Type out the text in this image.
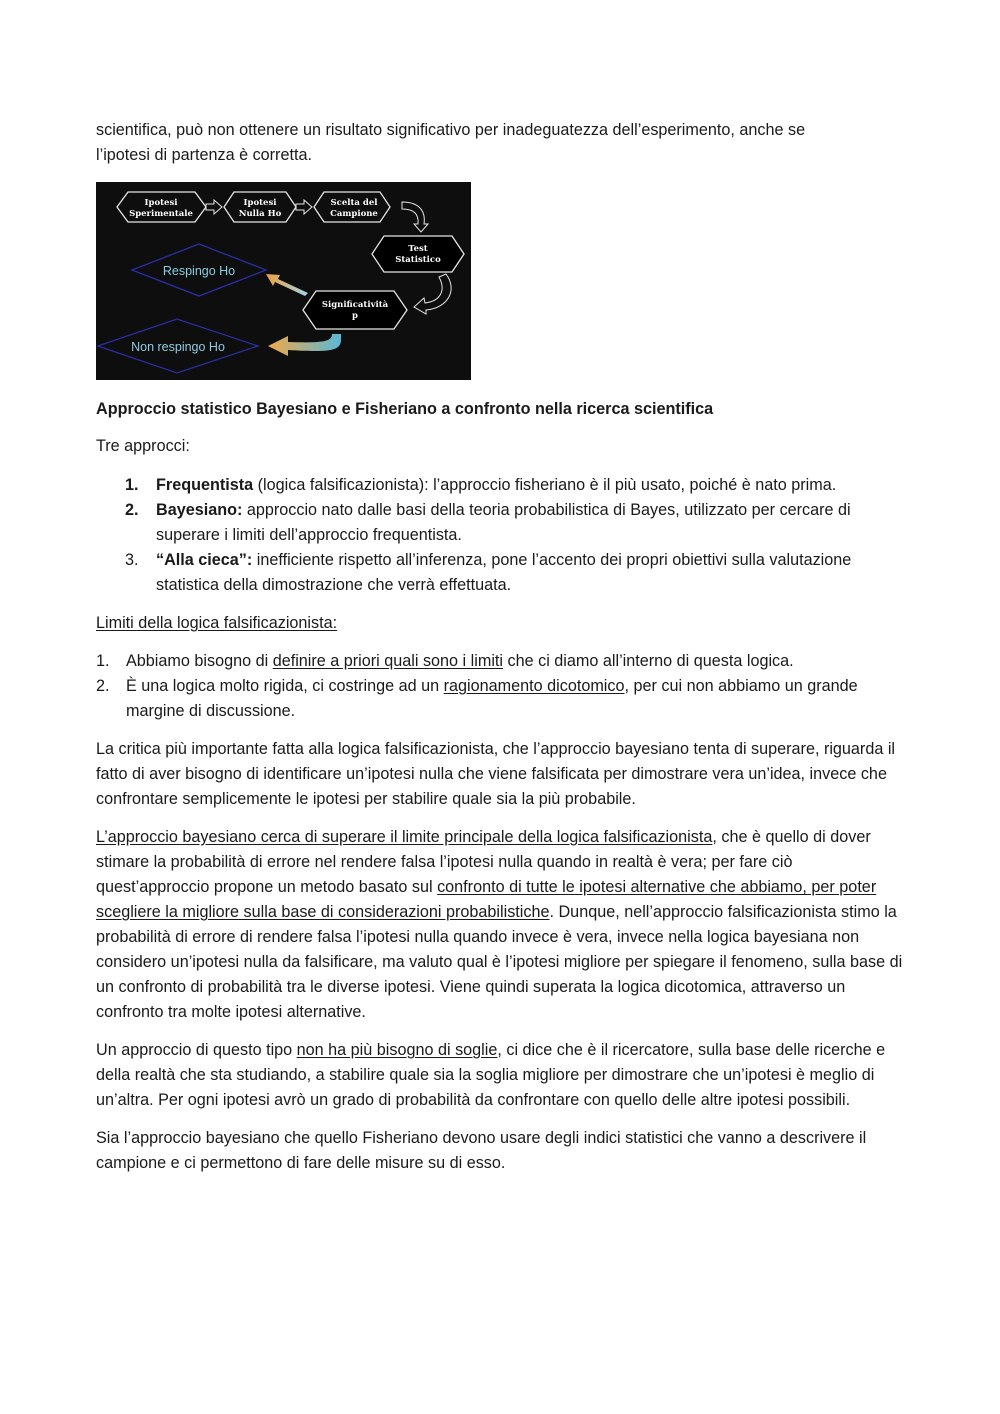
scientifica, può non ottenere un risultato significativo per inadeguatezza dell’esperimento, anche se
l’ipotesi di partenza è corretta.

Ipotesi
Sperimentale
Ipotesi
Nulla Ho
Scelta del
Campione
Test
Statistico
Significatività
p
Respingo Ho
Non respingo Ho

Approccio statistico Bayesiano e Fisheriano a confronto nella ricerca scientifica

Tre approcci:

1. Frequentista (logica falsificazionista): l’approccio fisheriano è il più usato, poiché è nato prima.
2. Bayesiano: approccio nato dalle basi della teoria probabilistica di Bayes, utilizzato per cercare di superare i limiti dell’approccio frequentista.
3. “Alla cieca”: inefficiente rispetto all’inferenza, pone l’accento dei propri obiettivi sulla valutazione statistica della dimostrazione che verrà effettuata.

Limiti della logica falsificazionista:

1. Abbiamo bisogno di definire a priori quali sono i limiti che ci diamo all’interno di questa logica.
2. È una logica molto rigida, ci costringe ad un ragionamento dicotomico, per cui non abbiamo un grande margine di discussione.

La critica più importante fatta alla logica falsificazionista, che l’approccio bayesiano tenta di superare, riguarda il fatto di aver bisogno di identificare un’ipotesi nulla che viene falsificata per dimostrare vera un’idea, invece che confrontare semplicemente le ipotesi per stabilire quale sia la più probabile.

L’approccio bayesiano cerca di superare il limite principale della logica falsificazionista, che è quello di dover stimare la probabilità di errore nel rendere falsa l’ipotesi nulla quando in realtà è vera; per fare ciò quest’approccio propone un metodo basato sul confronto di tutte le ipotesi alternative che abbiamo, per poter scegliere la migliore sulla base di considerazioni probabilistiche. Dunque, nell’approccio falsificazionista stimo la probabilità di errore di rendere falsa l’ipotesi nulla quando invece è vera, invece nella logica bayesiana non considero un’ipotesi nulla da falsificare, ma valuto qual è l’ipotesi migliore per spiegare il fenomeno, sulla base di un confronto di probabilità tra le diverse ipotesi. Viene quindi superata la logica dicotomica, attraverso un confronto tra molte ipotesi alternative.

Un approccio di questo tipo non ha più bisogno di soglie, ci dice che è il ricercatore, sulla base delle ricerche e della realtà che sta studiando, a stabilire quale sia la soglia migliore per dimostrare che un’ipotesi è meglio di un’altra. Per ogni ipotesi avrò un grado di probabilità da confrontare con quello delle altre ipotesi possibili.

Sia l’approccio bayesiano che quello Fisheriano devono usare degli indici statistici che vanno a descrivere il campione e ci permettono di fare delle misure su di esso.
